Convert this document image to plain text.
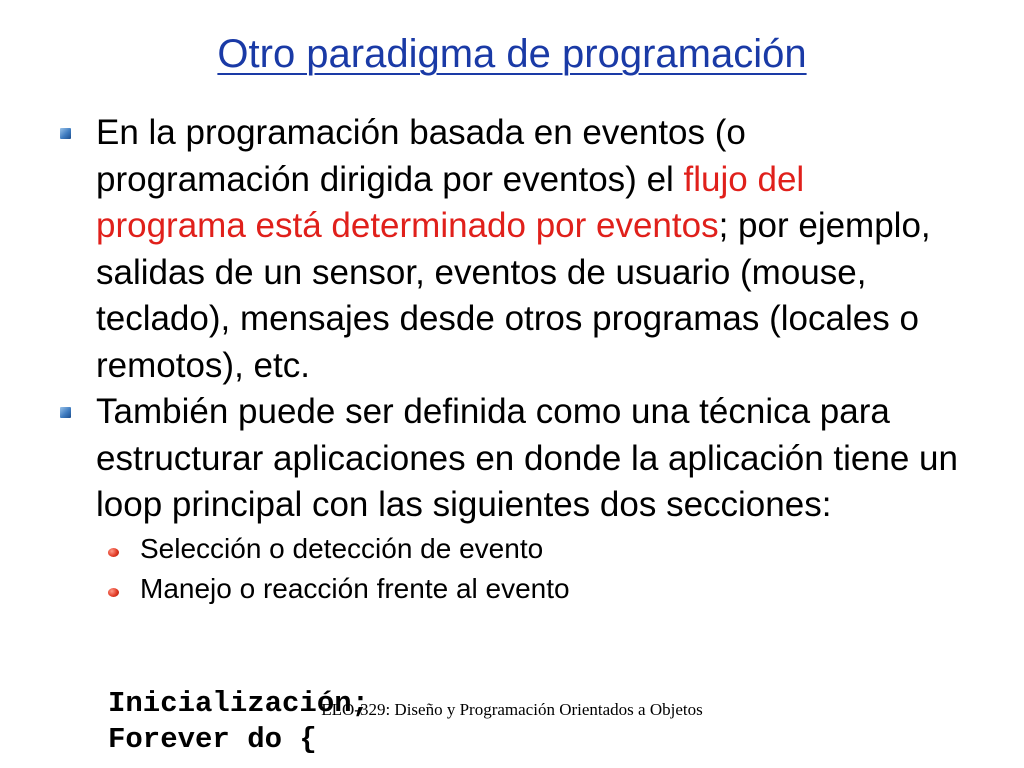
Otro paradigma de programación
En la programación basada en eventos (o programación dirigida por eventos) el flujo del programa está determinado por eventos; por ejemplo, salidas de un sensor, eventos de usuario (mouse, teclado), mensajes desde otros programas (locales o remotos), etc.
También puede ser definida como una técnica para estructurar aplicaciones en donde la aplicación tiene un loop principal con las siguientes dos secciones:
Selección o detección de evento
Manejo o reacción frente al evento
Inicialización;
Forever do {
ELO-329: Diseño y Programación Orientados a Objetos
